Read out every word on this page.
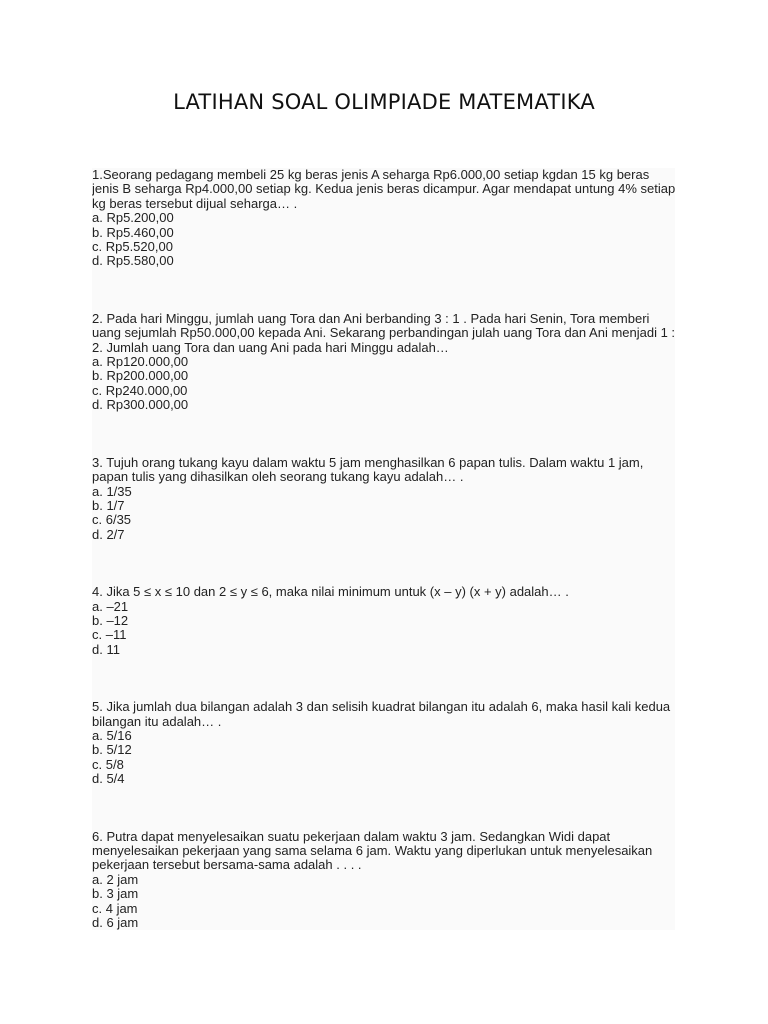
LATIHAN SOAL OLIMPIADE MATEMATIKA
1.Seorang pedagang membeli 25 kg beras jenis A seharga Rp6.000,00 setiap kgdan 15 kg beras
jenis B seharga Rp4.000,00 setiap kg. Kedua jenis beras dicampur. Agar mendapat untung 4% setiap
kg beras tersebut dijual seharga… .
a. Rp5.200,00
b. Rp5.460,00
c. Rp5.520,00
d. Rp5.580,00
2. Pada hari Minggu, jumlah uang Tora dan Ani berbanding 3 : 1 . Pada hari Senin, Tora memberi
uang sejumlah Rp50.000,00 kepada Ani. Sekarang perbandingan julah uang Tora dan Ani menjadi 1 :
2. Jumlah uang Tora dan uang Ani pada hari Minggu adalah…
a. Rp120.000,00
b. Rp200.000,00
c. Rp240.000,00
d. Rp300.000,00
3. Tujuh orang tukang kayu dalam waktu 5 jam menghasilkan 6 papan tulis. Dalam waktu 1 jam,
papan tulis yang dihasilkan oleh seorang tukang kayu adalah… .
a. 1/35
b. 1/7
c. 6/35
d. 2/7
4. Jika 5 ≤ x ≤ 10 dan 2 ≤ y ≤ 6, maka nilai minimum untuk (x – y) (x + y) adalah… .
a. –21
b. –12
c. –11
d. 11
5. Jika jumlah dua bilangan adalah 3 dan selisih kuadrat bilangan itu adalah 6, maka hasil kali kedua
bilangan itu adalah… .
a. 5/16
b. 5/12
c. 5/8
d. 5/4
6. Putra dapat menyelesaikan suatu pekerjaan dalam waktu 3 jam. Sedangkan Widi dapat
menyelesaikan pekerjaan yang sama selama 6 jam. Waktu yang diperlukan untuk menyelesaikan
pekerjaan tersebut bersama-sama adalah . . . .
a. 2 jam
b. 3 jam
c. 4 jam
d. 6 jam
